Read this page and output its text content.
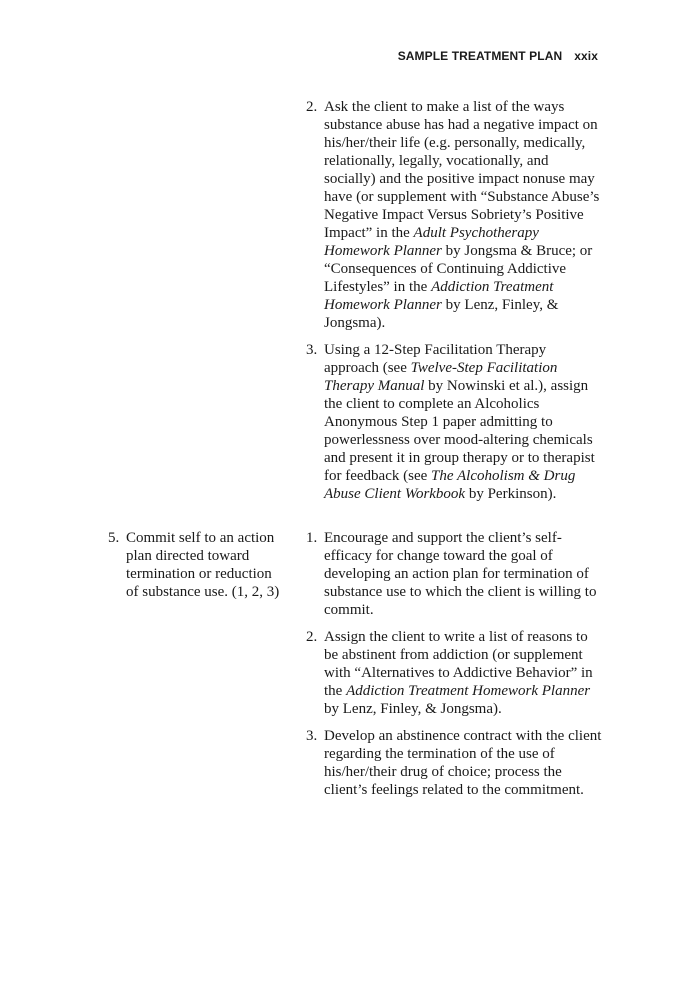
SAMPLE TREATMENT PLAN xxix
2. Ask the client to make a list of the ways substance abuse has had a negative impact on his/her/their life (e.g. personally, medically, relationally, legally, vocationally, and socially) and the positive impact nonuse may have (or supplement with “Substance Abuse’s Negative Impact Versus Sobriety’s Positive Impact” in the Adult Psychotherapy Homework Planner by Jongsma & Bruce; or “Consequences of Continuing Addictive Lifestyles” in the Addiction Treatment Homework Planner by Lenz, Finley, & Jongsma).
3. Using a 12-Step Facilitation Therapy approach (see Twelve-Step Facilitation Therapy Manual by Nowinski et al.), assign the client to complete an Alcoholics Anonymous Step 1 paper admitting to powerlessness over mood-altering chemicals and present it in group therapy or to therapist for feedback (see The Alcoholism & Drug Abuse Client Workbook by Perkinson).
5. Commit self to an action plan directed toward termination or reduction of substance use. (1, 2, 3)
1. Encourage and support the client’s self-efficacy for change toward the goal of developing an action plan for termination of substance use to which the client is willing to commit.
2. Assign the client to write a list of reasons to be abstinent from addiction (or supplement with “Alternatives to Addictive Behavior” in the Addiction Treatment Homework Planner by Lenz, Finley, & Jongsma).
3. Develop an abstinence contract with the client regarding the termination of the use of his/her/their drug of choice; process the client’s feelings related to the commitment.
